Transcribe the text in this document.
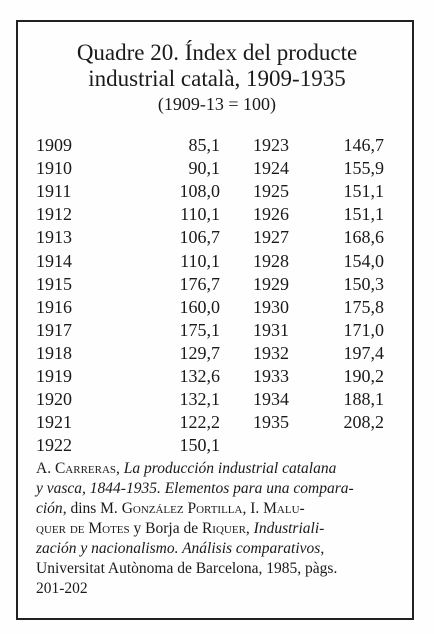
Quadre 20. Índex del producte
industrial català, 1909-1935
(1909-13 = 100)
1909	85,1
1910	90,1
1911	108,0
1912	110,1
1913	106,7
1914	110,1
1915	176,7
1916	160,0
1917	175,1
1918	129,7
1919	132,6
1920	132,1
1921	122,2
1922	150,1
1923	146,7
1924	155,9
1925	151,1
1926	151,1
1927	168,6
1928	154,0
1929	150,3
1930	175,8
1931	171,0
1932	197,4
1933	190,2
1934	188,1
1935	208,2

A. Carreras, La producción industrial catalana

y vasca, 1844-1935. Elementos para una compara-

ción, dins M. González Portilla, I. Malu-

quer de Motes y Borja de Riquer, Industriali-

zación y nacionalismo. Análisis comparativos,

Universitat Autònoma de Barcelona, 1985, pàgs.

201-202
